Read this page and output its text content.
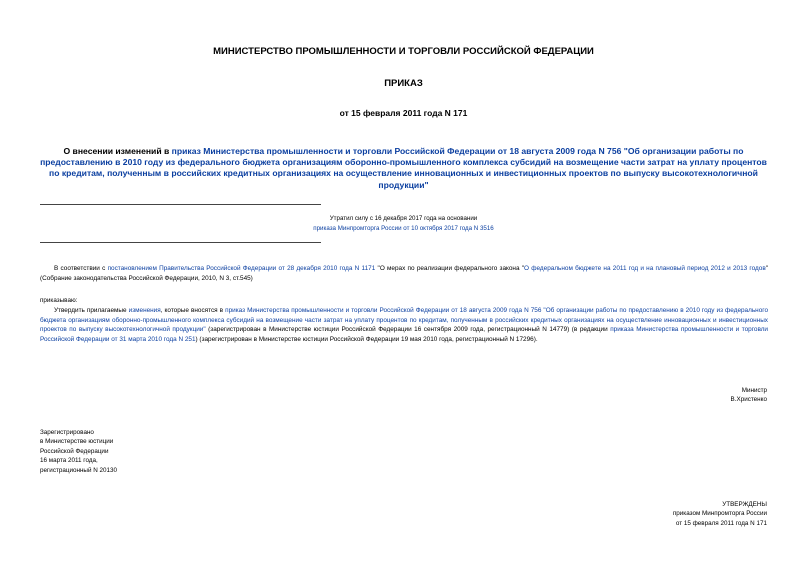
МИНИСТЕРСТВО ПРОМЫШЛЕННОСТИ И ТОРГОВЛИ РОССИЙСКОЙ ФЕДЕРАЦИИ
ПРИКАЗ
от 15 февраля 2011 года N 171
О внесении изменений в приказ Министерства промышленности и торговли Российской Федерации от 18 августа 2009 года N 756 "Об организации работы по предоставлению в 2010 году из федерального бюджета организациям оборонно-промышленного комплекса субсидий на возмещение части затрат на уплату процентов по кредитам, полученным в российских кредитных организациях на осуществление инновационных и инвестиционных проектов по выпуску высокотехнологичной продукции"
Утратил силу с 16 декабря 2017 года на основании
приказа Минпромторга России от 10 октября 2017 года N 3516
В соответствии с постановлением Правительства Российской Федерации от 28 декабря 2010 года N 1171 "О мерах по реализации федерального закона "О федеральном бюджете на 2011 год и на плановый период 2012 и 2013 годов" (Собрание законодательства Российской Федерации, 2010, N 3, ст.545)
приказываю:
Утвердить прилагаемые изменения, которые вносятся в приказ Министерства промышленности и торговли Российской Федерации от 18 августа 2009 года N 756 "Об организации работы по предоставлению в 2010 году из федерального бюджета организациям оборонно-промышленного комплекса субсидий на возмещение части затрат на уплату процентов по кредитам, полученным в российских кредитных организациях на осуществление инновационных и инвестиционных проектов по выпуску высокотехнологичной продукции" (зарегистрирован в Министерстве юстиции Российской Федерации 16 сентября 2009 года, регистрационный N 14779) (в редакции приказа Министерства промышленности и торговли Российской Федерации от 31 марта 2010 года N 251) (зарегистрирован в Министерстве юстиции Российской Федерации 19 мая 2010 года, регистрационный N 17296).
Министр
В.Христенко
Зарегистрировано
в Министерстве юстиции
Российской Федерации
16 марта 2011 года,
регистрационный N 20130
УТВЕРЖДЕНЫ
приказом Минпромторга России
от 15 февраля 2011 года N 171
